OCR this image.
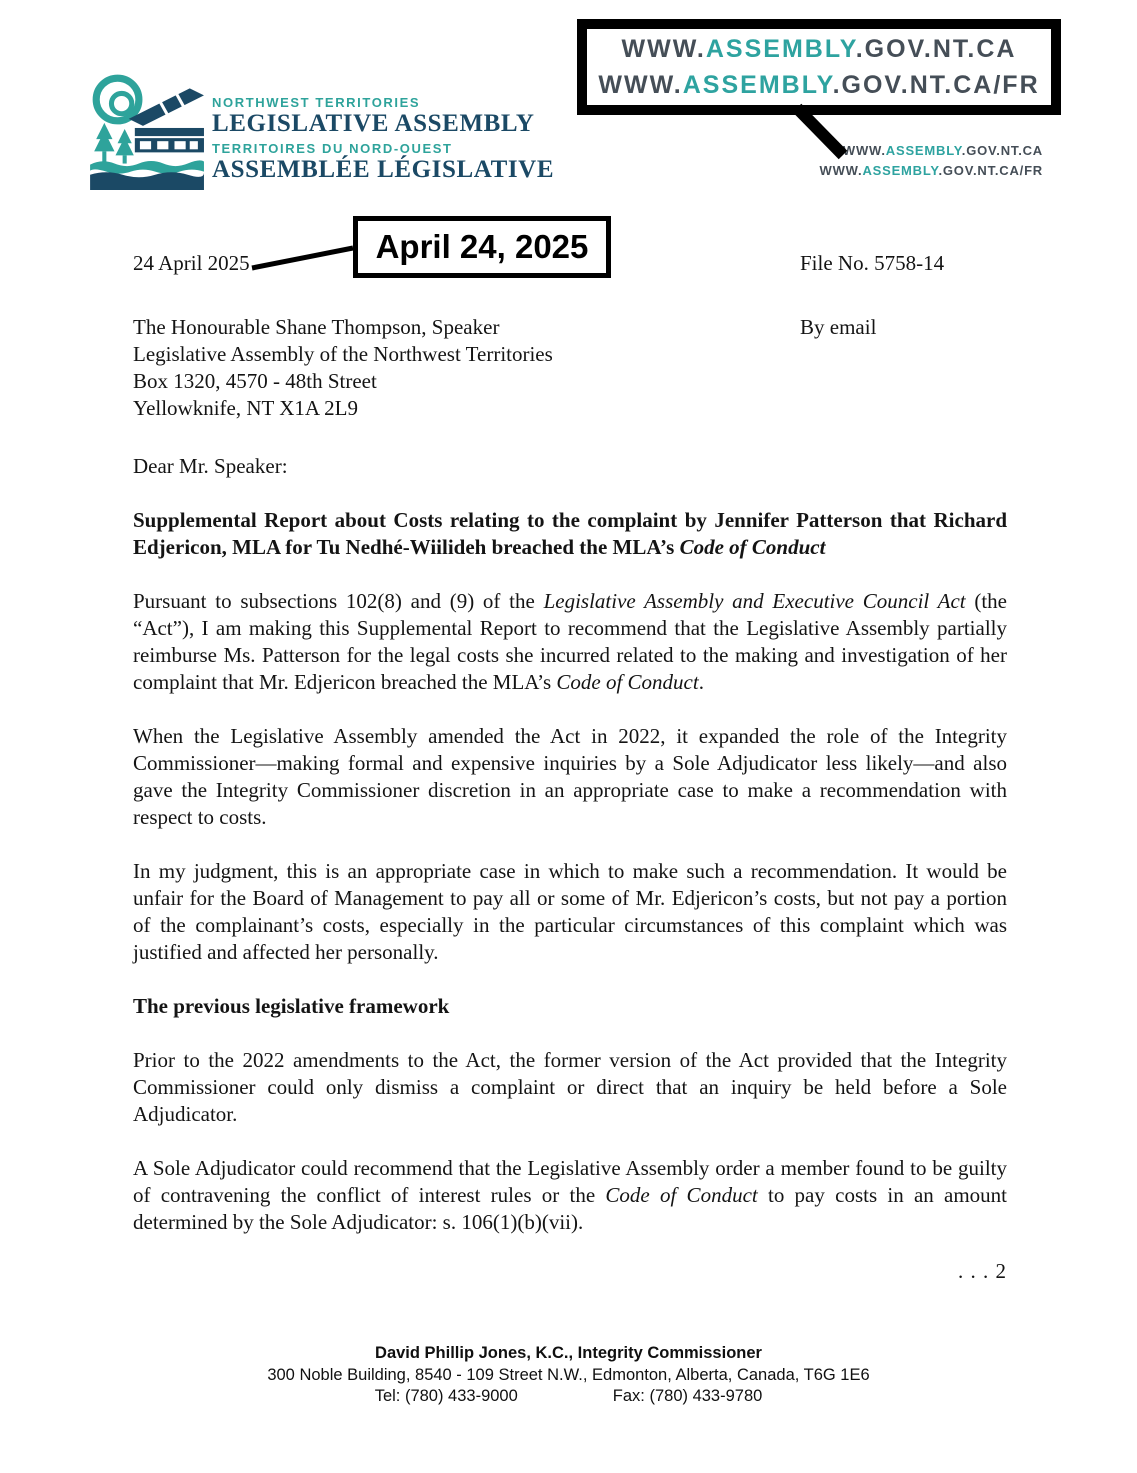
NORTHWEST TERRITORIES
LEGISLATIVE ASSEMBLY
TERRITOIRES DU NORD-OUEST
ASSEMBLÉE LÉGISLATIVE
WWW.ASSEMBLY.GOV.NT.CA
WWW.ASSEMBLY.GOV.NT.CA/FR
WWW.ASSEMBLY.GOV.NT.CA
WWW.ASSEMBLY.GOV.NT.CA/FR
April 24, 2025
24 April 2025	File No. 5758-14
The Honourable Shane Thompson, Speaker
Legislative Assembly of the Northwest Territories
Box 1320, 4570 - 48th Street
Yellowknife, NT X1A 2L9
By email
Dear Mr. Speaker:
Supplemental Report about Costs relating to the complaint by Jennifer Patterson that Richard Edjericon, MLA for Tu Nedhé-Wiilideh breached the MLA’s Code of Conduct

Pursuant to subsections 102(8) and (9) of the Legislative Assembly and Executive Council Act (the “Act”), I am making this Supplemental Report to recommend that the Legislative Assembly partially reimburse Ms. Patterson for the legal costs she incurred related to the making and investigation of her complaint that Mr. Edjericon breached the MLA’s Code of Conduct.

When the Legislative Assembly amended the Act in 2022, it expanded the role of the Integrity Commissioner—making formal and expensive inquiries by a Sole Adjudicator less likely—and also gave the Integrity Commissioner discretion in an appropriate case to make a recommendation with respect to costs.

In my judgment, this is an appropriate case in which to make such a recommendation. It would be unfair for the Board of Management to pay all or some of Mr. Edjericon’s costs, but not pay a portion of the complainant’s costs, especially in the particular circumstances of this complaint which was justified and affected her personally.

The previous legislative framework

Prior to the 2022 amendments to the Act, the former version of the Act provided that the Integrity Commissioner could only dismiss a complaint or direct that an inquiry be held before a Sole Adjudicator.

A Sole Adjudicator could recommend that the Legislative Assembly order a member found to be guilty of contravening the conflict of interest rules or the Code of Conduct to pay costs in an amount determined by the Sole Adjudicator: s. 106(1)(b)(vii).

. . . 2
David Phillip Jones, K.C., Integrity Commissioner
300 Noble Building, 8540 - 109 Street N.W., Edmonton, Alberta, Canada, T6G 1E6
Tel: (780) 433-9000	Fax: (780) 433-9780
